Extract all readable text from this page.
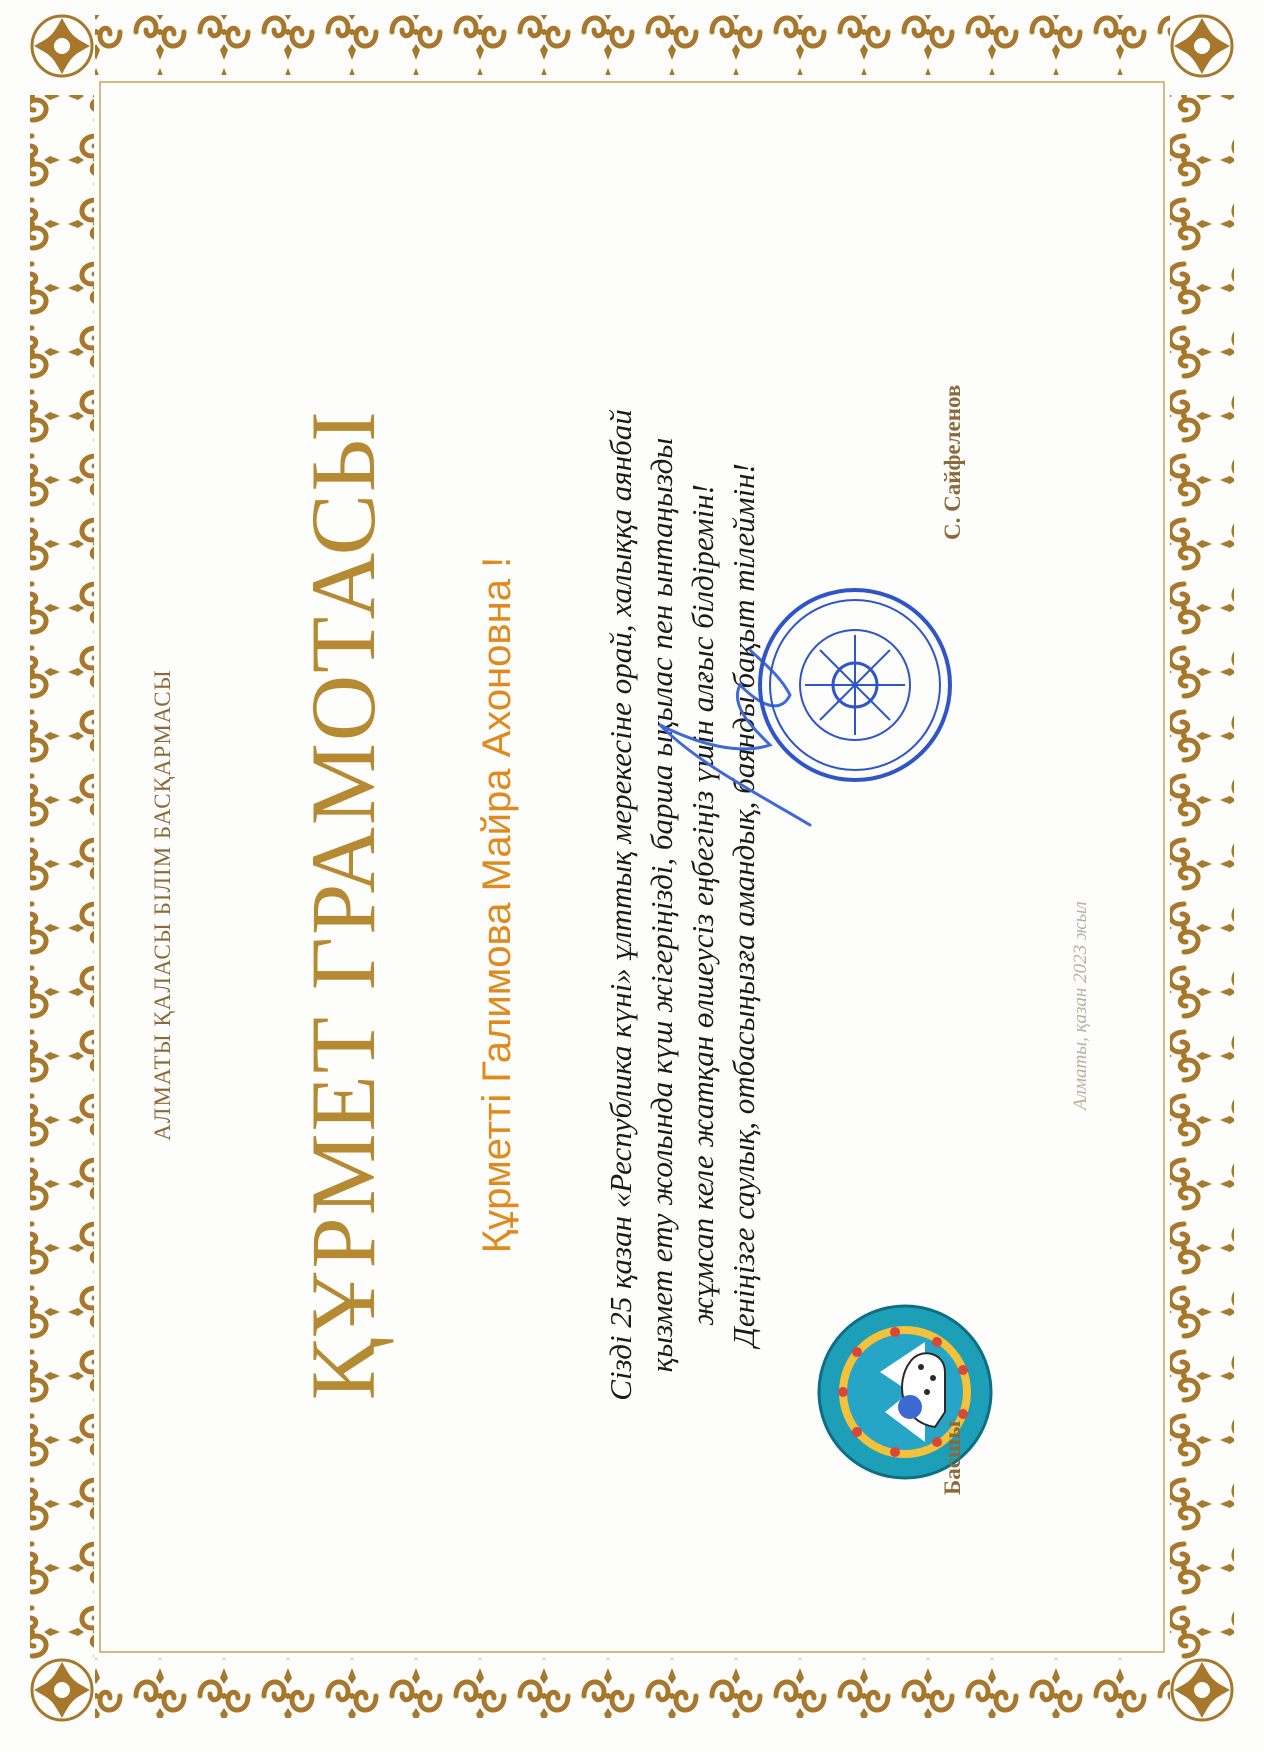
АЛМАТЫ ҚАЛАСЫ БІЛІМ БАСҚАРМАСЫ ҚҰРМЕТ ГРАМОТАСЫ Құрметті Галимова Майра Ахоновна !	Сізді 25 қазан «Республика күні» ұлттық мерекесіне орай, халыққа аянбай қызмет ету жолында күш жігеріңізді, барша ықылас пен ынтаңызды жұмсап келе жатқан өлшеусіз еңбегіңіз үшін алғыс білдіремін! Деніңізге саулық, отбасыңызға амандық, баянды бақыт тілеймін!
Басшы
С. Сайфеленов
Алматы, қазан 2023 жыл
